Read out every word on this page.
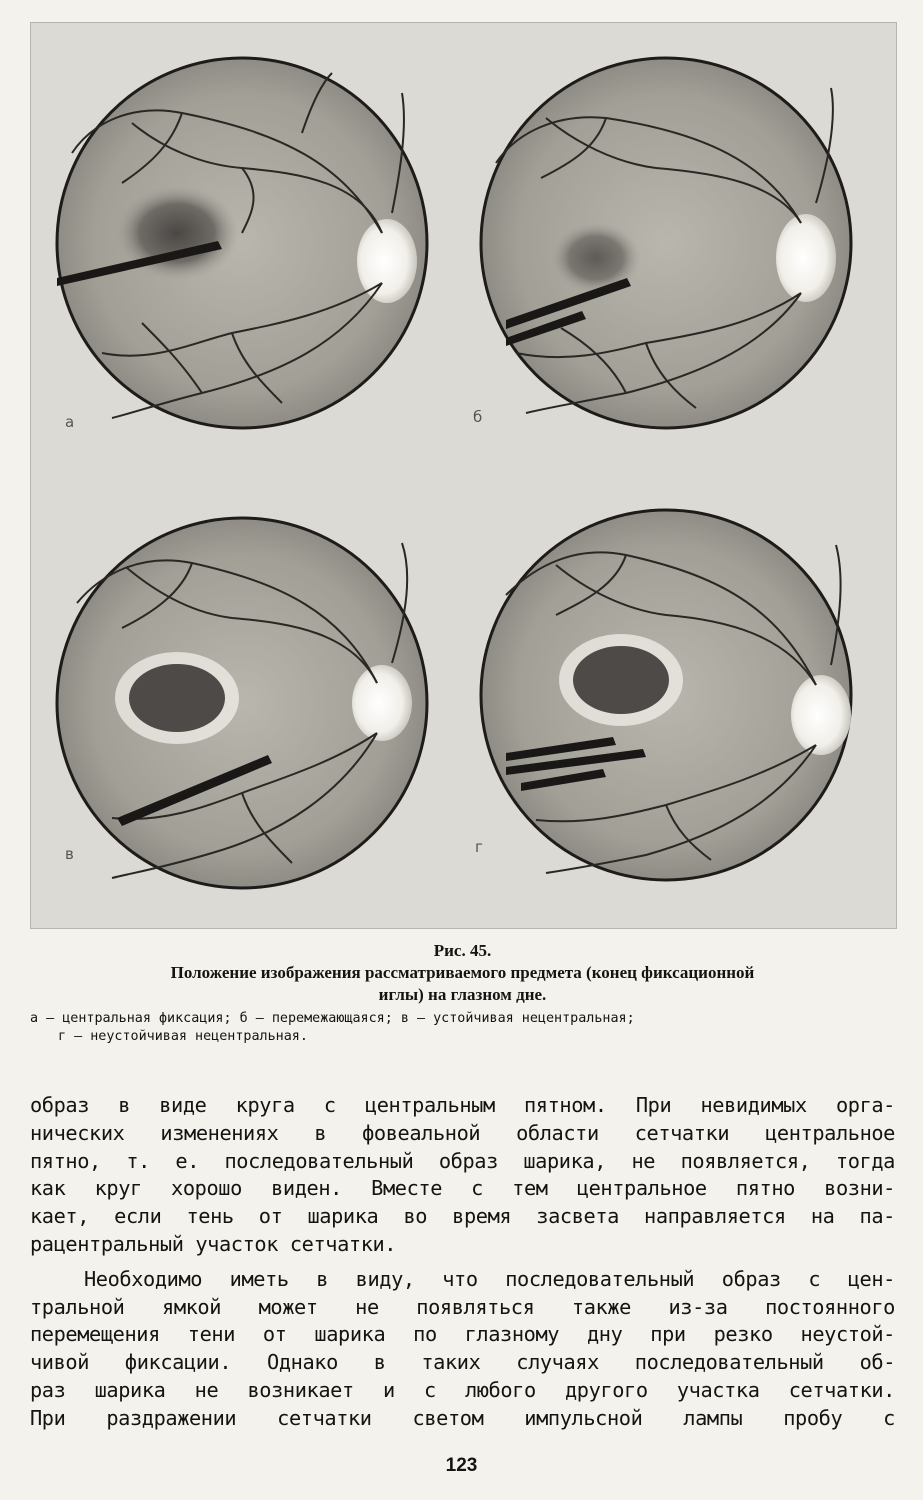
а	б
в	г
Рис. 45.
Положение изображения рассматриваемого предмета (конец фиксационной
иглы) на глазном дне.
а — центральная фиксация; б — перемежающаяся; в — устойчивая нецентральная;
г — неустойчивая нецентральная.
образ в виде круга с центральным пятном. При невидимых орга-
нических изменениях в фовеальной области сетчатки центральное
пятно, т. е. последовательный образ шарика, не появляется, тогда
как круг хорошо виден. Вместе с тем центральное пятно возни-
кает, если тень от шарика во время засвета направляется на па-
рацентральный участок сетчатки.
Необходимо иметь в виду, что последовательный образ с цен-
тральной ямкой может не появляться также из-за постоянного
перемещения тени от шарика по глазному дну при резко неустой-
чивой фиксации. Однако в таких случаях последовательный об-
раз шарика не возникает и с любого другого участка сетчатки.
При раздражении сетчатки светом импульсной лампы пробу с
123
